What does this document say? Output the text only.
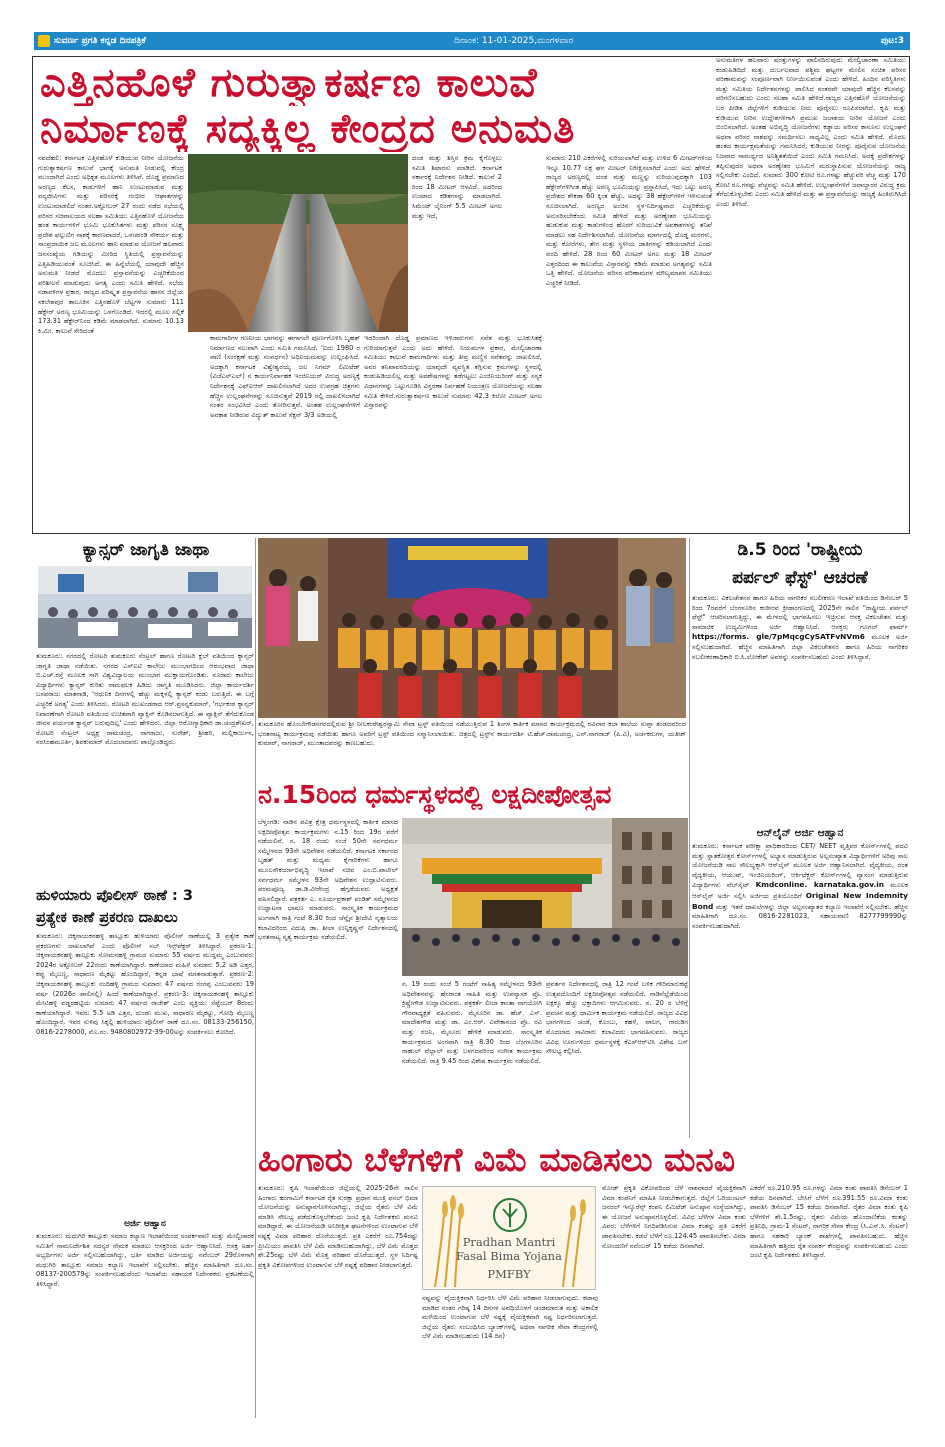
ಸುವರ್ಣ ಪ್ರಗತಿ ಕನ್ನಡ ದಿನಪತ್ರಿಕೆ	ದಿನಾಂಕ: 11-01-2025,ಮಂಗಳವಾರ	ಪುಟ:3
ಎತ್ತಿನಹೊಳೆ ಗುರುತ್ವಾಕರ್ಷಣ ಕಾಲುವೆ
ನಿರ್ಮಾಣಕ್ಕೆ ಸದ್ಯಕ್ಕಿಲ್ಲ ಕೇಂದ್ರದ ಅನುಮತಿ
ನವದೆಹಲಿ: ಕರ್ನಾಟಕ ಎತ್ತಿನಹೊಳೆ ಕುಡಿಯುವ ನೀರಿನ ಯೋಜನೆಯ ಗುರುತ್ವಾಕರ್ಷಣ ಕಾಲುವೆ ಭಾಗಕ್ಕೆ ಅನುಮತಿ ನೀಡುವಲ್ಲಿ ಕೇಂದ್ರ ಮುಂದಾಗಿದೆ ಎಂದು ಅಧಿಕೃತ ಮೂಲಗಳು ತಿಳಿಸಿವೆ. ದೊಡ್ಡ ಪ್ರಮಾಣದ ಅರಣ್ಯದ ಕೆಲಸ, ಕಾಡುಗಳಿಗೆ ಹಾನಿ ಉಂಟುಮಾಡುವ ಮತ್ತು ವನ್ಯಜೀವಿಗಳು ಮತ್ತು ಪರಿಸರಕ್ಕೆ ಗಂಭೀರ ಆಘಾತಗಳನ್ನು ಉಂಟುಮಾಡಲಿದೆ ನಂತರ.ಅಕ್ಟೋಬರ್ 27 ರಂದು ನಡೆದ ಸಭೆಯಲ್ಲಿ ಪರಿಸರ ಸಚಿವಾಲಯದ ಸಲಹಾ ಸಮಿತಿಯು ಎತ್ತಿನಹೊಳೆ ಯೋಜನೆಯ ಹಂತ ಕಾರ್ಯಗಳಿಗೆ ಭೂಮಿ ಭೂಕುಸಿತಗಳು ಮತ್ತು ಪರಿಸರ ಸೂಕ್ಷ್ಮ ಪ್ರದೇಶ ಫಲ್ಗುಣಿಗ ನಾಶಕ್ಕೆ ಕಾರಣವಾದರೆ, ಒಳಚರಂಡಿ ಸೌಕರ್ಯ ಮತ್ತು ಸಾಂಪ್ರದಾಯಿಕ ಜಲ ಮೂಲಗಳು ಹಾನಿ ಮಾಡುವ ಯೋಜನೆ ಹಲವಾರು ಜನಸಂಖ್ಯೆಯ ಗಡಿಯನ್ನು ಮೀರಿದ ಸ್ಥಿತಿಯಲ್ಲಿ ಪ್ರಸ್ತಾವನೆಯನ್ನು ಎತ್ತಿಹಿಡಿಯುವಂತೆ ಸೂಚಿಸಿದೆ. ಈ ಹಿನ್ನೆಲೆಯಲ್ಲಿ ಯಾವುದೇ ಹೆಚ್ಚಿನ ಅನುಮತಿ ನೀಡದೆ ಮೊದಲು ಪ್ರಸ್ತಾವನೆಯನ್ನು ಎಚ್ಚರಿಕೆಯಿಂದ ಪರಿಶೀಲನೆ ಮಾಡುವುದು ಅಗತ್ಯ ಎಂದು ಸಮಿತಿ ಹೇಳಿದೆ. ಸಭೆಯ ನಡಾವಳಿಗಳ ಪ್ರಕಾರ, ರಾಜ್ಯದ ಪರಿಷ್ಕೃತ ಪ್ರಸ್ತಾವನೆಯ ಹಾಸನ ಜಿಲ್ಲೆಯ ಸಕಲೇಶಪುರ ತಾಲೂಕಿನ ಎತ್ತಿನಹೊಳೆ ಬೆಟ್ಟಗಳ ಸುಮಾರು 111 ಹೆಕ್ಟೇರ್ ಅರಣ್ಯ ಭೂಮಿಯನ್ನು ಒಳಗೊಂಡಿದೆ. ಇದರಲ್ಲಿ ಮೂಲ ಸಲ್ಲಿಕೆ 173.31 ಹೆಕ್ಟೇರ್‌ನಿಂದ ಕಡಿಮೆ ಮಾಡಲಾಗಿದೆ. ಸುಮಾರು 10.13 ಕಿ.ಮೀ. ಕಾಲುವೆ ಸೇರಿದಂತೆ
ದಂಡ ಮತ್ತು ಶಿಸ್ತಿನ ಕ್ರಮ ಕೈಗೊಳ್ಳಲು ಸಮಿತಿ ಶಿಫಾರಸು ಮಾಡಿದೆ. ಕರ್ನಾಟಕ ಸರ್ಕಾರಕ್ಕೆ ನಿರ್ದೇಶನ ನೀಡಿದೆ. ಕಾಲುವೆ 2 ರಿಂದ 18 ಮೀಟರ್ ಆಳವಿದೆ. ಅದರಿಂದ ಉಂಟಾದ ಕಡಿತಗಳನ್ನು ಮಾಡಲಾಗಿದೆ. ಸಿಮೆಂಟ್ ಲೈನಿಂಗ್ 5.5 ಮೀಟರ್ ಅಗಲ ಮತ್ತು ಇದೆ,
ಕಾಮಗಾರಿಗಳ ಗಣನೀಯ ಭಾಗವನ್ನು ಈಗಾಗಲೇ ಪೂರ್ಣಗೊಳಿಸಿ ಬೃಹತ್ ನಿರ್ಮಾಣದ ಸಲುವಾಗಿ ಎಂದು ಸಮಿತಿ ಗಮನಿಸಿದೆ. 'ಐದು 1980 ರ ವಾಣಿ (ಸಂರಕ್ಷಣೆ ಮತ್ತು ಸಂವರ್ಧನ) ಅಧಿನಿಯಮವನ್ನು ಉಲ್ಲಂಘಿಸಿದೆ. ಅದಕ್ಕಾಗಿ ಕರ್ನಾಟಕ ವಿಶ್ವೇಶ್ವರಯ್ಯ ಜಲ ನಿಗಮ್ ಲಿಮಿಟೆಡ್ (ವಿಜೆಎನ್‌ಎಲ್) ನ ಕಾರ್ಯನಿರ್ವಾಹಕ ಇಂಜಿನಿಯರ್ ವಿರುದ್ಧ ಅರಣ್ಯಕ್ಕೆ ನಿರ್ದೇಶನಕ್ಕೆ ಎಫ್‌ಐಆರ್ ದಾಖಲಿಸಲಾಗಿದೆ ಅದರ ಉಪಗ್ರಹ ಚಿತ್ರಗಳು ಹೆಚ್ಚಿನ ಉಲ್ಲಂಘನೆಗಳನ್ನು ಸೂಚಿಸುತ್ತವೆ 2019 ರಲ್ಲಿ ದಾಖಲಿಸಲಾಗಿದೆ ನಂತರ ಸಂಭವಿಸಿದೆ ಎಂದು ತೋರಿಸುತ್ತವೆ. ಅಂತಹ ಉಲ್ಲಂಘನೆಗಳಿಗೆ ಅವಕಾಶ ನೀಡಿರುವ ವಿದ್ಯುತ್ ಕಾಲುವೆ ಸೆಕ್ಷನ್ 3/3 ಅಡಿಯಲ್ಲಿ
ಇದರಿಂದಾಗಿ ದೊಡ್ಡ ಪ್ರಮಾಣದ ಇಳಿಜಾರುಗಳು ಸವೆತ ಮತ್ತು ಭೂಕುಸಿತಕ್ಕೆ ಗುರಿಯಾಗುತ್ತವೆ ಎಂದು ಅದು ಹೇಳಿದೆ. ನಿಯಮಗಳ ಪ್ರಕಾರ, ಮೇಲ್ವಿಚಾರಣಾ ಸಮಿತಿಯು ಕಾಲುವೆ ಕಾಮಗಾರಿಗಳು ಮತ್ತು ತೀವ್ರ ಮಣ್ಣಿನ ಸವೆತವನ್ನು ದಾಖಲಿಸಿದೆ, ಅವರ ತನಿಖಾವರದಿಯನ್ನು ಯಾವುದೇ ವ್ಯವಸ್ಥಿತ ತಗ್ಗಿಸುವ ಕ್ರಮಗಳನ್ನು ಸ್ಥಳದಲ್ಲಿ ಕಂಡುಹಿಡಿಯಲಿಲ್ಲ ಮತ್ತು ಅವಶೇಷಗಳನ್ನು ತಡೆಗಟ್ಟಲು ಎಂಜಿನಿಯರಿಂಗ್ ಮತ್ತು ಸಸ್ಯಕ ವಿಧಾನಗಳನ್ನು ಒಟ್ಟುಗೂಡಿಸಿ ವಿಸ್ತರಣಾ ನಿರ್ವಹಣೆ ನಿಯಂತ್ರಣ ಯೋಜನೆಯನ್ನು ಸಲಹಾ ಸಮಿತಿ ಕೇಳಿದೆ.ಗುರುತ್ವಾಕರ್ಷಣ ಕಾಲುವೆ ಸುಮಾರು 42.3 ಕಿಲೋ ಮೀಟರ್ ಅಗಲ ವಿಸ್ತಾರವನ್ನು
ಸುಮಾರು 210 ಎಕರೆಗಳಲ್ಲಿ ಸುರಿಯಲಾಗಿದೆ ಮತ್ತು ಉಳಿದ 6 ಮೀಟರ್‌ಗಳಿಂದ ಇನ್ನೂ 10.77 ಲಕ್ಷ ಘನ ಮೀಟರ್ ನಿರೀಕ್ಷಿಸಲಾಗಿದೆ ಎಂದು ಅದು ಹೇಳಿದೆ. ರಾಜ್ಯದ ಅರಣ್ಯದಲ್ಲಿ ದಂಡ ಮತ್ತು ಮಣ್ಣನ್ನು ಸುರಿಯುವುದಕ್ಕಾಗಿ 103 ಹೆಕ್ಟೇರ್‌ಗಳಿಗಿಂತ ಹೆಚ್ಚು ಅರಣ್ಯ ಭೂಮಿಯನ್ನು ಪ್ರಸ್ತಾಪಿಸಿದೆ, ಇದು ಒಟ್ಟು ಅರಣ್ಯ ಪ್ರದೇಶದ ಶೇಕಡಾ 60 ಕ್ಕಿಂತ ಹೆಚ್ಚು. ಅದನ್ನು 38 ಹೆಕ್ಟೇರ್‌ಗಳಿಗೆ ಇಳಿಸುವಂತೆ ಸೂಚಿಸಲಾಗಿದೆ. ಅರಣ್ಯದ ಅಂಚಿನ ಸ್ಥಳ-ನಿರ್ದಿಷ್ಟವಾದ ಎಚ್ಚರಿಕೆಯನ್ನು ಅನುಸರಿಸಬೇಕೆಂದು ಸಮಿತಿ ಹೇಳಿದೆ ಮತ್ತು ಅರಣ್ಯೇತರ ಭೂಮಿಯನ್ನು ಹುಡುಕುವ ಮತ್ತು ಕಾಡುಗಳಿಂದ ಹೊರಗೆ ಸುರಿಯುವಿಕೆ ಅವಕಾಶಗಳನ್ನು ತನಿಖೆ ಮಾಡಲು ಸಹ ನಿರ್ದೇಶಿಸಲಾಗಿದೆ. ಯೋಜನೆಯ ಮಾರ್ಗದಲ್ಲಿ ದೊಡ್ಡ ಮರಗಳು, ಮತ್ತು ಕೋರೆಗಳು, ತೇಗ ಮತ್ತು ಸ್ಥಳೀಯ ಜಾತಿಗಳನ್ನು ಕಡಿಯಲಾಗಿದೆ ಎಂದು ವರದಿ ಹೇಳಿದೆ. 28 ರಿಂದ 60 ಮೀಟರ್ ಅಗಲ ಮತ್ತು 18 ಮೀಟರ್ ಎತ್ತರದಿಂದ ಈ ಕಾಲುವೆಯ ವಿಸ್ತಾರವನ್ನು ಕಡಿಮೆ ಮಾಡುವ ಅಗತ್ಯವನ್ನು ಸಮಿತಿ ಒತ್ತಿ ಹೇಳಿದೆ. ಯೋಜನೆಯ ಪರಿಸರ ಪರಿಣಾಮಗಳ ಮೌಲ್ಯಮಾಪನ ಸಮಿತಿಯು ಎಚ್ಚರಿಕೆ ನೀಡಿದೆ.
ಅನುಮತಿಗಳ ಹಲವಾರು ಷರತ್ತುಗಳನ್ನು ಪಾಲಿಸದಿರುವುದು ಮೇಲ್ವಿಚಾರಣಾ ಸಮಿತಿಯು ಕಂಡುಹಿಡಿದಿದೆ ಮತ್ತು ದುರ್ಬಲವಾದ ಪಶ್ಚಿಮ ಘಟ್ಟಗಳ ಮೇಲಿನ ಸಂಚಿತ ಪರಿಸರ ಪರಿಣಾಮವನ್ನು ಸಂಪೂರ್ಣವಾಗಿ ನಿರ್ಣಯಿಸುವಂತೆ ಎಂದು ಹೇಳಿದೆ. ಹಿಂದಿನ ಪರಿಸ್ಥಿತಿಗಳು ಮತ್ತು ಸಮಿತಿಯ ನಿರ್ದೇಶನಗಳನ್ನು ಪಾಲಿಸಿದ ನಂತರವೇ ಯಾವುದೇ ಹೆಚ್ಚಿನ ಕೆಲಸವನ್ನು ಪರಿಗಣಿಸಬಹುದು ಎಂದು ಸಲಹಾ ಸಮಿತಿ ಹೇಳಿದೆ.ರಾಜ್ಯದ ಎತ್ತಿನಹೊಳೆ ಯೋಜನೆಯನ್ನು ಬರ ಪೀಡಿತ ಜಿಲ್ಲೆಗಳಿಗೆ ಕುಡಿಯುವ ನೀರು ಪೂರೈಸಲು ರೂಪಿಸಲಾಗಿದೆ. ಕೃಷಿ ಮತ್ತು ಕುಡಿಯುವ ನೀರಿನ ಉದ್ದೇಶಗಳಿಗಾಗಿ ಪ್ರಮುಖ ಜಲಾಶಯ ನೀರಿನ ಯೋಜನೆ ಎಂದು ಬಿಂಬಿಸಲಾಗಿದೆ. ಅಂತಹ ಅಭಿವೃದ್ಧಿ ಯೋಜನೆಗಳು ಕಡ್ಡಾಯ ಪರಿಸರ ಕಾನೂನು ಉಲ್ಲಂಘನೆ ಅಥವಾ ಪರಿಸರ ನಾಶವನ್ನು ಸಮರ್ಥಿಸಲು ಸಾಧ್ಯವಿಲ್ಲ ಎಂದು ಸಮಿತಿ ಹೇಳಿದೆ. ಮೊದಲ ಹಂತದ ಕಾರ್ಯಕ್ಷಮತೆಯನ್ನು ಗಮನಿಸಿದರೆ, ಕುಡಿಯುವ ನೀರನ್ನು ಪೂರೈಸುವ ಯೋಜನೆಯ ನಿಜವಾದ ಸಾಮರ್ಥ್ಯದ ಅನಿಶ್ಚಿತತೆಯಿದೆ ಎಂದು ಸಮಿತಿ ಗಮನಿಸಿದೆ. ಅದಕ್ಕೆ ಪ್ರದೇಶಗಳನ್ನು ತಪ್ಪಿಸುವುದರ ಅಥವಾ ಅರಣ್ಯೇತರ ಭೂಮಿಗೆ ಮರುಸ್ಥಾಪಿಸುವ ಯೋಜನೆಯನ್ನು ರಾಜ್ಯ ಸಲ್ಲಿಸಬೇಕು ಎಂದಿದೆ. ಸುಮಾರು 300 ಕೋಟಿ ರೂ.ಗಳಷ್ಟು ಹೆಚ್ಚುವರಿ ವೆಚ್ಚ ಮತ್ತು 170 ಕೋಟಿ ರೂ.ಗಳಷ್ಟು ವೆಚ್ಚವನ್ನು ಸಮಿತಿ ಹೇಳಿದೆ. ಉಲ್ಲಂಘನೆಗಳಿಗೆ ಜವಾಬ್ದಾರರ ವಿರುದ್ಧ ಕ್ರಮ ತೆಗೆದುಕೊಳ್ಳಬೇಕು ಎಂದು ಸಮಿತಿ ಹೇಳಿದೆ ಮತ್ತು ಈ ಪ್ರಸ್ತಾವನೆಯನ್ನು ರಾಜ್ಯಕ್ಕೆ ಹಿಂತಿರುಗಿಸಿದೆ ಎಂದು ತಿಳಿಸಿದೆ.
ಕ್ಯಾನ್ಸರ್ ಜಾಗೃತಿ ಜಾಥಾ
ತುಮಕೂರು: ನಗರದಲ್ಲಿ ರೋಟರಿ ತುಮಕೂರು ಸೆಂಟ್ರಲ್ ಹಾಗೂ ರೋಟರಿ ಕ್ಲಬ್ ವತಿಯಿಂದ ಕ್ಯಾನ್ಸರ್ ಜಾಗೃತಿ ಜಾಥಾ ನಡೆಯಿತು. ನಗರದ ಎಸ್‌ಐಟಿ ಕಾಲೇಜು ಮುಂಭಾಗದಿಂದ ಆರಂಭವಾದ ಜಾಥಾ ಬಿ.ಎಚ್.ರಸ್ತೆ ಮೂಲಕ ಸಾಗಿ ವಿಶ್ವವಿದ್ಯಾಲಯ ಮುಂಭಾಗ ಮುಕ್ತಾಯಗೊಂಡಿತು. ನೂರಾರು ಕಾಲೇಜು ವಿದ್ಯಾರ್ಥಿಗಳು ಕ್ಯಾನ್ಸರ್ ಕುರಿತು ನಾಮಫಲಕ ಹಿಡಿದು ಜಾಗೃತಿ ಮೂಡಿಸಿದರು. ಜಿಲ್ಲಾ ಕಾರ್ಯದರ್ಶಿ ಬಸವರಾಜು ಮಾತನಾಡಿ, 'ಆಧುನಿಕ ದಿನಗಳಲ್ಲಿ ಹೆಚ್ಚು ಮಕ್ಕಳಲ್ಲಿ ಕ್ಯಾನ್ಸರ್ ಕಂಡು ಬರುತ್ತಿದೆ. ಈ ಬಗ್ಗೆ ಎಚ್ಚರಿಕೆ ಅಗತ್ಯ' ಎಂದು ತಿಳಿಸಿದರು. ರೋಟರಿ ಮುಖಂಡರಾದ ಆರ್.ಪ್ರಸನ್ನಕುಮಾರ್, 'ಗರ್ಭಕಂಠ ಕ್ಯಾನ್ಸರ್ ನಿವಾರಣೆಗಾಗಿ ರೋಟರಿ ವತಿಯಿಂದ ಉಚಿತವಾಗಿ ವ್ಯಾಕ್ಸಿನ್ ಕೊಡಿಸಲಾಗುತ್ತಿದೆ. ಈ ವ್ಯಾಕ್ಸಿನ್ ತೆಗೆದುಕೊಂಡ ಜೀವನ ಪರ್ಯಂತ ಕ್ಯಾನ್ಸರ್ ಬರುವುದಿಲ್ಲ' ಎಂದು ಹೇಳಿದರು. ಜಿಲ್ಲಾ ಆರೋಗ್ಯಾಧಿಕಾರಿ ಡಾ.ಚಂದ್ರಶೇಖರ್, ರೋಟರಿ ಸೆಂಟ್ರಲ್ ಅಧ್ಯಕ್ಷ ರಾಮಚಂದ್ರ, ನಾಗರಾಜು, ಸುರೇಶ್, ಶ್ರೀಹರಿ, ಮಲ್ಲಿಕಾರ್ಜುನ, ನರಸಿಂಹಮೂರ್ತಿ, ಶಿವಕುಮಾರ್ ಮೊದಲಾದವರು ಪಾಲ್ಗೊಂಡಿದ್ದರು.
ಹುಳಿಯಾರು ಪೊಲೀಸ್ ಠಾಣೆ : 3
ಪ್ರತ್ಯೇಕ ಕಾಣೆ ಪ್ರಕರಣ ದಾಖಲು
ತುಮಕೂರು: ಚಿಕ್ಕನಾಯಕನಹಳ್ಳಿ ತಾಲ್ಲೂಕು ಹುಳಿಯಾರು ಪೊಲೀಸ್ ಠಾಣೆಯಲ್ಲಿ 3 ಪ್ರತ್ಯೇಕ ಕಾಣೆ ಪ್ರಕರಣಗಳು ದಾಖಲಾಗಿವೆ ಎಂದು ಪೊಲೀಸ್ ಸಬ್ ಇನ್ಸ್‌ಪೆಕ್ಟರ್ ತಿಳಿಸಿದ್ದಾರೆ. ಪ್ರಕರಣ-1: ಚಿಕ್ಕನಾಯಕನಹಳ್ಳಿ ತಾಲ್ಲೂಕು ಸೋಮನಹಳ್ಳಿ ಗ್ರಾಮದ ಸುಮಾರು 55 ವರ್ಷದ ಮುದ್ದಮ್ಮ ಎಂಬುವವರು 2024ರ ಅಕ್ಟೋಬರ್ 22ರಂದು ಕಾಣೆಯಾಗಿದ್ದಾರೆ. ಕಾಣೆಯಾದ ಮಹಿಳೆ ಸುಮಾರು 5.2 ಅಡಿ ಎತ್ತರ, ಕಪ್ಪು ಮೈಬಣ್ಣ, ಸಾಧಾರಣ ಮೈಕಟ್ಟು ಹೊಂದಿದ್ದಾರೆ, ಕನ್ನಡ ಭಾಷೆ ಮಾತನಾಡುತ್ತಾರೆ. ಪ್ರಕರಣ-2: ಚಿಕ್ಕನಾಯಕನಹಳ್ಳಿ ತಾಲ್ಲೂಕು ನಂದಿಹಳ್ಳಿ ಗ್ರಾಮದ ಸುಮಾರು 47 ವರ್ಷದ ರಂಗಪ್ಪ ಎಂಬುವವರು 19 ವರ್ಷ (2026ರ ಪಾಲಿನಲ್ಲಿ) ಹಿಂದೆ ಕಾಣೆಯಾಗಿದ್ದಾರೆ. ಪ್ರಕರಣ-3: ಚಿಕ್ಕನಾಯಕನಹಳ್ಳಿ ತಾಲ್ಲೂಕು ಮೇಟಿಹಳ್ಳಿ ವಡ್ಡರಹಟ್ಟಿಯ ಸುಮಾರು 47 ವರ್ಷದ ರಾಜೇಶ್ ಎಂಬ ವ್ಯಕ್ತಿಯು ಸೆಪ್ಟೆಂಬರ್ 8ರಂದು ಕಾಣೆಯಾಗಿದ್ದಾರೆ. ಇವರು 5.5 ಅಡಿ ಎತ್ತರ, ದುಂಡು ಮುಖ, ಸಾಧಾರಣ ಮೈಕಟ್ಟು, ಗೋಧಿ ಮೈಬಣ್ಣ ಹೊಂದಿದ್ದಾರೆ. ಇವರ ಸುಳಿವು ಸಿಕ್ಕಲ್ಲಿ ಹುಳಿಯಾರು ಪೊಲೀಸ್ ಠಾಣೆ ದೂ.ಸಂ. 08133-256150, 0816-2278000, ಮೊ.ನಂ. 9480802972-39-00ಅನ್ನು ಸಂಪರ್ಕಿಸಲು ಕೋರಿದೆ.
ಅರ್ಜಿ ಆಹ್ವಾನ
ತುಮಕೂರು: ಮಧುಗಿರಿ ತಾಲ್ಲೂಕು ಸಮಾಜ ಕಲ್ಯಾಣ ಇಲಾಖೆಯಿಂದ ಸಂಪರ್ಕವಾಣಿ ಮತ್ತು ಮೇಲ್ವಿಚಾರಕ ಸಮಿತಿಗೆ ನಾಮನಿರ್ದೇಶಿತ ಸದಸ್ಯರ ನೇಮಕ ಮಾಡಲು ಆಸಕ್ತರಿಂದ ಅರ್ಜಿ ಆಹ್ವಾನಿಸಿದೆ. ಆಸಕ್ತ ಅರ್ಹ ಅಭ್ಯರ್ಥಿಗಳು ಅರ್ಜಿ ಸಲ್ಲಿಸಬಹುದಾಗಿದ್ದು, ಭರ್ತಿ ಮಾಡಿದ ಅರ್ಜಿಯನ್ನು ನವೆಂಬರ್ 29ರೊಳಗಾಗಿ ಮಧುಗಿರಿ ತಾಲ್ಲೂಕು ಸಮಾಜ ಕಲ್ಯಾಣ ಇಲಾಖೆಗೆ ಸಲ್ಲಿಸಬೇಕು. ಹೆಚ್ಚಿನ ಮಾಹಿತಿಗಾಗಿ ದೂ.ಸಂ. 08137-200579ನ್ನು ಸಂಪರ್ಕಿಸಬಹುದೆಂದು ಇಲಾಖೆಯ ಸಹಾಯಕ ನಿರ್ದೇಶಕರು ಪ್ರಕಟಣೆಯಲ್ಲಿ ತಿಳಿಸಿದ್ದಾರೆ.
ತುಮಕೂರಿನ ಹೊಂಬೇಗೌಡನಗರದಲ್ಲಿರುವ ಶ್ರೀ ನೀಲಕಂಠೇಶ್ವರಸ್ವಾಮಿ ಸೇವಾ ಟ್ರಸ್ಟ್ ವತಿಯಿಂದ ನಡೆಯುತ್ತಿರುವ 1 ತಿಂಗಳ ಕಾರ್ತಿಕ ಮಾಸದ ಕಾರ್ಯಕ್ರಮದಲ್ಲಿ ರವಿವಾರ ಕಲಾ ಶಾಲೆಯ ಸುಪ್ತಾ ತಂಡದವರಿಂದ ಭರತನಾಟ್ಯ ಕಾರ್ಯಕ್ರಮವು ನಡೆಯಿತು ಹಾಗೂ ಅವರಿಗೆ ಟ್ರಸ್ಟ್ ವತಿಯಿಂದ ಸನ್ಮಾನಿಸಲಾಯಿತು. ಚಿತ್ರದಲ್ಲಿ ಟ್ರಸ್ಟ್‌ನ ಕಾರ್ಯದರ್ಶಿ ಟಿ.ಹೆಚ್.ರಾಮಚಂದ್ರ, ಎನ್.ನಾಗರಾಜ್ (ಪಿ.ವಿ), ಅರ್ಚಕರುಗಳ, ಯತೀಶ್ ಕುಮಾರ್, ನಾಗರಾಜ್, ಮುಂತಾದವರನ್ನು ಕಾಣಬಹುದು.
ಡಿ.5 ರಿಂದ 'ರಾಷ್ಟ್ರೀಯ
ಪರ್ಪಲ್ ಫೆಸ್ಟ್' ಆಚರಣೆ
ತುಮಕೂರು: ವಿಕಲಚೇತನರ ಹಾಗೂ ಹಿರಿಯ ನಾಗರಿಕರ ಸಬಲೀಕರಣ ಇಲಾಖೆ ವತಿಯಿಂದ ಡಿಸೆಂಬರ್ 5 ರಿಂದ 7ರವರೆಗೆ ಬೆಂಗಳೂರಿನ ಕಂಠೀರವ ಕ್ರೀಡಾಂಗಣದಲ್ಲಿ 2025ನೇ ಸಾಲಿನ "ರಾಷ್ಟ್ರೀಯ ಪರ್ಪಲ್ ಫೆಸ್ಟ್" ಆಚರಿಸಲಾಗುತ್ತಿದ್ದು, ಈ ಮೇಳದಲ್ಲಿ ಭಾಗವಹಿಸಲು ಇಚ್ಛಿಸುವ ಆಸಕ್ತ ವಿಕಲಚೇತನ ಮತ್ತು ಸಾಮಾಜಿಕ ಉದ್ಯಮಿಗಳಿಂದ ಅರ್ಜಿ ಆಹ್ವಾನಿಸಿದೆ. ಆಸಕ್ತರು ಗೂಗಲ್ ಫಾರ್ಮ್ https://forms. gle/7pMqcgCySATFvNVm6 ಮೂಲಕ ಅರ್ಜಿ ಸಲ್ಲಿಸಬಹುದಾಗಿದೆ. ಹೆಚ್ಚಿನ ಮಾಹಿತಿಗಾಗಿ ಜಿಲ್ಲಾ ವಿಕಲಚೇತನರ ಹಾಗೂ ಹಿರಿಯ ನಾಗರಿಕರ ಸಬಲೀಕರಣಾಧಿಕಾರಿ ಬಿ.ಸಿ.ಲೋಕೇಶ್ ಅವರನ್ನು ಸಂಪರ್ಕಿಸಬಹುದು ಎಂದು ತಿಳಿಸಿದ್ದಾರೆ.
ಆನ್‌ಲೈನ್ ಅರ್ಜಿ ಆಹ್ವಾನ
ತುಮಕೂರು: ಕರ್ನಾಟಕ ಪರೀಕ್ಷಾ ಪ್ರಾಧಿಕಾರದಿಂದ CET/ NEET ವೃತ್ತಿಪರ ಕೋರ್ಸ್‌ಗಳಲ್ಲಿ ಪದವಿ ಮತ್ತು ಸ್ನಾತಕೋತ್ತರ ಕೋರ್ಸ್‌ಗಳಲ್ಲಿ ಅಭ್ಯಾಸ ಮಾಡುತ್ತಿರುವ ಅಲ್ಪಸಂಖ್ಯಾತ ವಿದ್ಯಾರ್ಥಿಗಳಿಗೆ ಅರಿವು ಸಾಲ ಯೋಜನೆಯಡಿ ಸಾಲ ಸೌಲಭ್ಯಕ್ಕಾಗಿ ಆನ್‌ಲೈನ್ ಮೂಲಕ ಅರ್ಜಿ ಆಹ್ವಾನಿಸಲಾಗಿದೆ. ವೈದ್ಯಕೀಯ, ದಂತ ವೈದ್ಯಕೀಯ, ಆಯುಷ್, ಇಂಜಿನಿಯರಿಂಗ್, ಆರ್ಕಿಟೆಕ್ಚರ್ ಕೋರ್ಸ್‌ಗಳಲ್ಲಿ ವ್ಯಾಸಂಗ ಮಾಡುತ್ತಿರುವ ವಿದ್ಯಾರ್ಥಿಗಳು ವೆಬ್‌ಸೈಟ್ Kmdconline. karnataka.gov.in ಮೂಲಕ ಆನ್‌ಲೈನ್ ಅರ್ಜಿ ಸಲ್ಲಿಸಿ ಅರ್ಜಿಯ ಪ್ರತಿಯೊಂದಿಗೆ Original New Indemnity Bond ಮತ್ತು ಇತರೆ ದಾಖಲೆಗಳನ್ನು ಜಿಲ್ಲಾ ಅಲ್ಪಸಂಖ್ಯಾತರ ಕಲ್ಯಾಣ ಇಲಾಖೆಗೆ ಸಲ್ಲಿಸಬೇಕು. ಹೆಚ್ಚಿನ ಮಾಹಿತಿಗಾಗಿ ದೂ.ಸಂ. 0816-2281023, ಸಹಾಯವಾಣಿ 8277799990ನ್ನು ಸಂಪರ್ಕಿಸಬಹುದಾಗಿದೆ.
ನ.15ರಿಂದ ಧರ್ಮಸ್ಥಳದಲ್ಲಿ ಲಕ್ಷದೀಪೋತ್ಸವ
ಬೆಳ್ತಂಗಡಿ: ನಾಡಿನ ಪವಿತ್ರ ಕ್ಷೇತ್ರ ಧರ್ಮಸ್ಥಳದಲ್ಲಿ ಕಾರ್ತಿಕ ಮಾಸದ ಲಕ್ಷದೀಪೋತ್ಸವ ಕಾರ್ಯಕ್ರಮಗಳು ನ.15 ರಿಂದ 19ರ ವರೆಗೆ ನಡೆಯಲಿವೆ. ನ. 18 ರಂದು ಸಂಜೆ 50ನೇ ಸರ್ವಧರ್ಮ ಸಮ್ಮೇಳನದ 93ನೇ ಅಧಿವೇಶನ ನಡೆಯಲಿದೆ. ಕರ್ನಾಟಕ ಸರ್ಕಾರದ ಬೃಹತ್ ಮತ್ತು ಮಧ್ಯಮ ಕೈಗಾರಿಕೆಗಳು ಹಾಗೂ ಮೂಲಸೌಕರ್ಯಾಭಿವೃದ್ಧಿ ಇಲಾಖೆ ಸಚಿವ ಎಂ.ಬಿ.ಪಾಟೀಲ್ ಸರ್ವಧರ್ಮ ಸಮ್ಮೇಳನ 93ನೇ ಅಧಿವೇಶನ ಉದ್ಘಾಟಿಸುವರು. ಪರಮಪೂಜ್ಯ ಡಾ.ಡಿ.ವೀರೇಂದ್ರ ಹೆಗ್ಗಡೆಯವರು ಅಧ್ಯಕ್ಷತೆ ವಹಿಸಲಿದ್ದಾರೆ. ಪತ್ರಕರ್ತ ಎ. ಸೂರ್ಯಪ್ರಕಾಶ್ ಪಂಡಿತ್ ಸಮ್ಮೇಳನದ ಉದ್ಘಾಟನಾ ಭಾಷಣ ಮಾಡುವರು. ಸಾಂಸ್ಕೃತಿಕ ಕಾರ್ಯಕ್ರಮದ ಅಂಗವಾಗಿ ರಾತ್ರಿ ಗಂಟೆ 8.30 ರಿಂದ ಚೆನ್ನೈನ ಶ್ರೀದೇವಿ ನೃತ್ಯಾಲಯ ಕಲಾವಿದರಿಂದ ವಿದುಷಿ ಡಾ. ಶೀಲಾ ಉನ್ನಿಕೃಷ್ಣನ್ ನಿರ್ದೇಶನದಲ್ಲಿ ಭರತನಾಟ್ಯ ನೃತ್ಯ ಕಾರ್ಯಕ್ರಮ ನಡೆಯಲಿದೆ.
ನ. 19 ರಂದು ಸಂಜೆ 5 ಗಂಟೆಗೆ ಸಾಹಿತ್ಯ ಸಮ್ಮೇಳನದ 93ನೇ ಅಧಿವೇಶನವನ್ನು ಹೆಸರಾಂತ ಸಾಹಿತಿ ಮತ್ತು ಉಪನ್ಯಾಸಕ ಪ್ರೊ. ಕ್ರಿಷ್ಣೇಗೌಡ ಉದ್ಘಾಟಿಸುವರು. ಪತ್ರಕರ್ತೆ ಲೀಲಾ ಕಾಂತಾ ನಾಗಯೋಗಿ ಗೌರವಾಧ್ಯಕ್ಷತೆ ವಹಿಸುವರು. ಮೈಸೂರಿನ ಡಾ. ಹೆಚ್. ಎಸ್. ಮಾದೇಶಗೌಡ ಮತ್ತು ಡಾ. ಎಂ.ಆರ್. ವಿವೇಕಾನಂದ ಪ್ರೊ. ರವಿ ಮತ್ತು ರಜನಿ, ಮೈಸೂರು ಹೇಳಿಕೆ ಮಾಡುವರು. ಸಾಂಸ್ಕೃತಿಕ ಕಾರ್ಯಕ್ರಮದ ಅಂಗವಾಗಿ ರಾತ್ರಿ 8.30 ರಿಂದ ಬೆಂಗಳೂರಿನ ರಾಹುಲ್ ವೆಲ್ಲಾಲ್ ಮತ್ತು ಬಳಗದವರಿಂದ ಸಂಗೀತ ಕಾರ್ಯಕ್ರಮ ನಡೆಯಲಿದೆ. ರಾತ್ರಿ 9.45 ರಿಂದ ವಿಶೇಷ ಕಾರ್ಯಕ್ರಮ ನಡೆಯಲಿದೆ.
ಪ್ರವರ್ತನ ನಿರ್ದೇಶನದಲ್ಲಿ ರಾತ್ರಿ 12 ಗಂಟೆ ಬಳಿಕ ಗೌರಿಮಾರುಕಟ್ಟೆ ಉತ್ಸವದೊಂದಿಗೆ ಲಕ್ಷದೀಪೋತ್ಸವ ನಡೆಯಲಿದೆ. ನಾಡಿನೆಲ್ಲೆಡೆಯಿಂದ ಲಕ್ಷಕ್ಕೂ ಹೆಚ್ಚು ಭಕ್ತಾದಿಗಳು ಆಗಮಿಸುವರು. ನ. 20 ರ ಬೆಳಿಗ್ಗೆ ಪ್ರವಚನ ಮತ್ತು ಧಾರ್ಮಿಕ ಕಾರ್ಯಕ್ರಮ ನಡೆಯಲಿದೆ. ರಾಜ್ಯದ ವಿವಿಧ ಭಾಗಗಳಿಂದ ಚಂಡೆ, ಕೊಂಬು, ಕಹಳೆ, ವಾಲಗ, ಗಾರುಡಿಗ ಮೊದಲಾದ ಸಾವಿರಾರು ಕಲಾವಿದರು ಭಾಗವಹಿಸುವರು. ರಾಜ್ಯದ ವಿವಿಧ ಊರುಗಳಿಂದ ಧರ್ಮಸ್ಥಳಕ್ಕೆ ಕೆಎಸ್‌ಆರ್‌ಟಿಸಿ ವಿಶೇಷ ಬಸ್ ಸೌಲಭ್ಯ ಕಲ್ಪಿಸಿದೆ.
ಹಿಂಗಾರು ಬೆಳೆಗಳಿಗೆ ವಿಮೆ ಮಾಡಿಸಲು ಮನವಿ
ತುಮಕೂರು: ಕೃಷಿ ಇಲಾಖೆಯಿಂದ ಜಿಲ್ಲೆಯಲ್ಲಿ 2025-26ನೇ ಸಾಲಿನ ಹಿಂಗಾರು ಹಂಗಾಮಿಗೆ ಕರ್ನಾಟಕ ರೈತ ಸುರಕ್ಷಾ ಪ್ರಧಾನ ಮಂತ್ರಿ ಫಸಲ್ ಭಿಮಾ ಯೋಜನೆಯನ್ನು ಅನುಷ್ಠಾನಗೊಳಿಸಲಾಗಿದ್ದು, ಜಿಲ್ಲೆಯ ರೈತರು ಬೆಳೆ ವಿಮೆ ಮಾಡಿಸಿ ಸೌಲಭ್ಯ ಪಡೆದುಕೊಳ್ಳಬೇಕೆಂದು ಜಂಟಿ ಕೃಷಿ ನಿರ್ದೇಶಕರು ಮನವಿ ಮಾಡಿದ್ದಾರೆ. ಈ ಯೋಜನೆಯಡಿ ಅನಿರೀಕ್ಷಿತ ಘಟನೆಗಳಿಂದ ಉಂಟಾಗುವ ಬೆಳೆ ನಷ್ಟಕ್ಕೆ ವಿಮಾ ಪರಿಹಾರ ದೊರೆಯುತ್ತದೆ. ಪ್ರತಿ ಎಕರೆಗೆ ರೂ.754ರಷ್ಟು ಪ್ರೀಮಿಯಂ ಪಾವತಿಸಿ ಬೆಳೆ ವಿಮೆ ಮಾಡಿಸಬಹುದಾಗಿದ್ದು, ಬೆಳೆ ವಿಮೆ ಮೊತ್ತದ ಶೇ.25ರಷ್ಟು ಬೆಳೆ ವಿಮೆ ಮೊತ್ತ ಪರಿಹಾರ ದೊರೆಯುತ್ತದೆ. ಸ್ಥಳ ನಿರ್ದಿಷ್ಟ ಪ್ರಕೃತಿ ವಿಕೋಪಗಳಿಂದ ಉಂಟಾಗುವ ಬೆಳೆ ನಷ್ಟಕ್ಕೆ ಪರಿಹಾರ ನೀಡಲಾಗುತ್ತದೆ.
Pradhan Mantri
Fasal Bima Yojana
PMFBY
ನಷ್ಟವನ್ನು ವೈಯಕ್ತಿಕವಾಗಿ ನಿರ್ಧರಿಸಿ ಬೆಳೆ ವಿಮೆ ಪರಿಹಾರ ನೀಡಲಾಗುವುದು. ಕಟಾವು ಮಾಡಿದ ನಂತರ ಗರಿಷ್ಠ 14 ದಿನಗಳ ಅವಧಿಯೊಳಗೆ ಚಂಡಮಾರುತ ಮತ್ತು ಅಕಾಲಿಕ ಮಳೆಯಿಂದ ಉಂಟಾಗುವ ಬೆಳೆ ನಷ್ಟಕ್ಕೆ ವೈಯಕ್ತಿಕವಾಗಿ ನಷ್ಟ ನಿರ್ಧರಿಸಲಾಗುತ್ತದೆ. ಜಿಲ್ಲೆಯ ರೈತರು ಸಂಬಂಧಿಸಿದ ಬ್ಯಾಂಕ್‌ಗಳಲ್ಲಿ ಅಥವಾ ನಾಗರಿಕ ಸೇವಾ ಕೇಂದ್ರಗಳಲ್ಲಿ ಬೆಳೆ ವಿಮೆ ಮಾಡಿಸಬಹುದು (14 ದಿನ)
ಮೋಡ್ ಪ್ರಕೃತಿ ವಿಕೋಪದಿಂದ ಬೆಳೆ ನಾಶವಾದರೆ ವೈಯಕ್ತಿಕವಾಗಿ ವಿಮಾ ಕಂಪನಿಗೆ ಮಾಹಿತಿ ನೀಡಬೇಕಾಗುತ್ತದೆ. ಜಿಲ್ಲೆಗೆ ಓರಿಯಂಟಲ್ ಜನರಲ್ ಇನ್ಶೂರೆನ್ಸ್ ಕಂಪನಿ ಲಿಮಿಟೆಡ್ ಅನುಷ್ಠಾನ ಸಂಸ್ಥೆಯಾಗಿದ್ದು, ಈ ಯೋಜನೆ ಅನುಷ್ಠಾನಗೊಳ್ಳಲಿದೆ. ವಿವಿಧ ಬೆಳೆಗಳ ವಿಮಾ ಕಂತು ವಿವರ: ಬೆಳೆಗಳಿಗೆ ನಿಗದಿಪಡಿಸಿರುವ ವಿಮಾ ಕಂತನ್ನು ಪ್ರತಿ ಎಕರೆಗೆ ಪಾವತಿಸಬೇಕು. ಕಡಲೆ ಬೆಳೆಗೆ ರೂ.124.45 ಪಾವತಿಸಬೇಕು. ವಿಮಾ ನೋಂದಣಿಗೆ ನವೆಂಬರ್ 15 ಕಡೆಯ ದಿನವಾಗಿದೆ.
ಎಕರೆಗೆ ರೂ.210.95 ರೂ.ಗಳನ್ನು ವಿಮಾ ಕಂತು ಪಾವತಿಸಿ ಡಿಸೆಂಬರ್ 1 ಕಡೆಯ ದಿನವಾಗಿದೆ. ಬೇಸಿಗೆ ಬೆಳೆಗೆ ರೂ.391.55 ರೂ.ವಿಮಾ ಕಂತು ಪಾವತಿಸಿ ಡಿಸೆಂಬರ್ 15 ಕಡೆಯ ದಿನವಾಗಿದೆ. ರೈತರ ವಿಮಾ ಕಂತು ಕೃಷಿ ಬೆಳೆಗಳಿಗೆ ಶೇ.1.5ರಷ್ಟು, ರೈತರು ವಿಮೆಯ ಹೊಂದಾಣಿಕೆಯ ಕಂತನ್ನು ಪ್ರತಿನಿಧಿ, ಗ್ರಾಮ-1 ಸೆಂಟರ್, ನಾಗರಿಕ ಸೇವಾ ಕೇಂದ್ರ (ಸಿ.ಎಸ್.ಸಿ. ಸೆಂಟರ್) ಹಾಗೂ ಸಹಕಾರಿ ಬ್ಯಾಂಕ್ ಶಾಖೆಗಳಲ್ಲಿ ಪಾವತಿಸಬಹುದು. ಹೆಚ್ಚಿನ ಮಾಹಿತಿಗಾಗಿ ಹತ್ತಿರದ ರೈತ ಸಂಪರ್ಕ ಕೇಂದ್ರವನ್ನು ಸಂಪರ್ಕಿಸಬಹುದು ಎಂದು ಜಂಟಿ ಕೃಷಿ ನಿರ್ದೇಶಕರು ತಿಳಿಸಿದ್ದಾರೆ.
